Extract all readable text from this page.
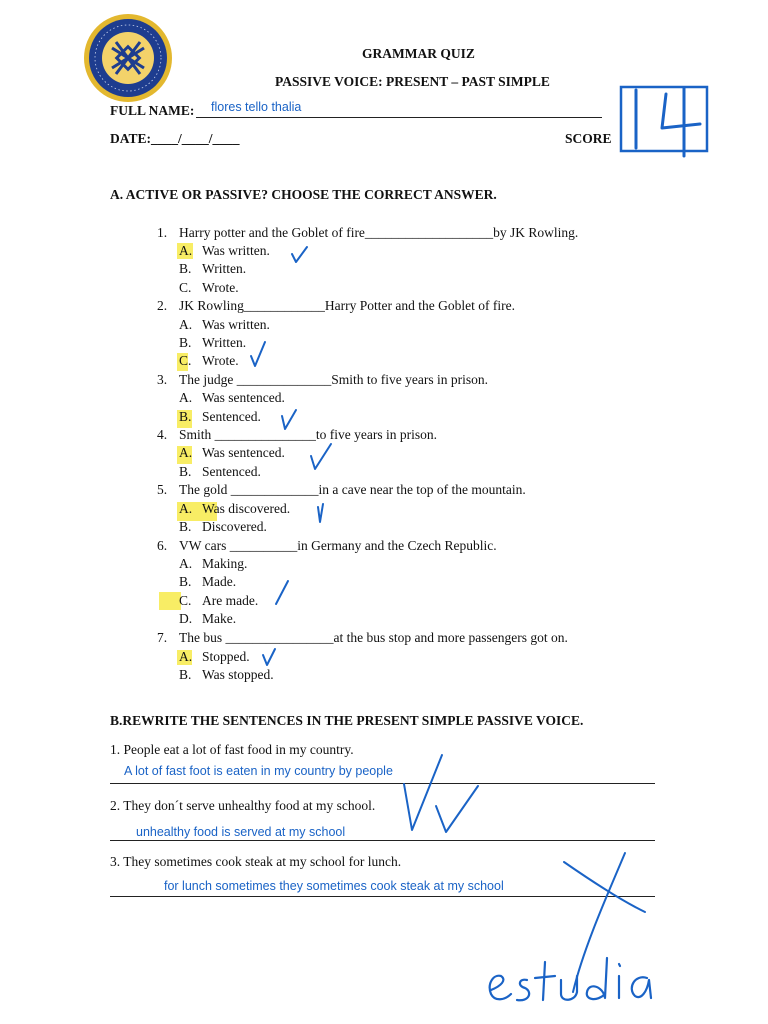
GRAMMAR QUIZ
PASSIVE VOICE: PRESENT – PAST SIMPLE
FULL NAME: flores tello thalia
DATE:____/____/____	SCORE
A. ACTIVE OR PASSIVE? CHOOSE THE CORRECT ANSWER.
1. Harry potter and the Goblet of fire___________________by JK Rowling.
A. Was written.
B. Written.
C. Wrote.
2. JK Rowling____________Harry Potter and the Goblet of fire.
A. Was written.
B. Written.
C. Wrote.
3. The judge ______________Smith to five years in prison.
A. Was sentenced.
B. Sentenced.
4. Smith _______________to five years in prison.
A. Was sentenced.
B. Sentenced.
5. The gold _____________in a cave near the top of the mountain.
A. Was discovered.
B. Discovered.
6. VW cars __________in Germany and the Czech Republic.
A. Making.
B. Made.
C. Are made.
D. Make.
7. The bus ________________at the bus stop and more passengers got on.
A. Stopped.
B. Was stopped.
B.REWRITE THE SENTENCES IN THE PRESENT SIMPLE PASSIVE VOICE.
1. People eat a lot of fast food in my country.
A lot of fast foot is eaten in my country by people
2. They don´t serve unhealthy food at my school.
unhealthy food is served at my school
3. They sometimes cook steak at my school for lunch.
for lunch sometimes they sometimes cook steak at my school
